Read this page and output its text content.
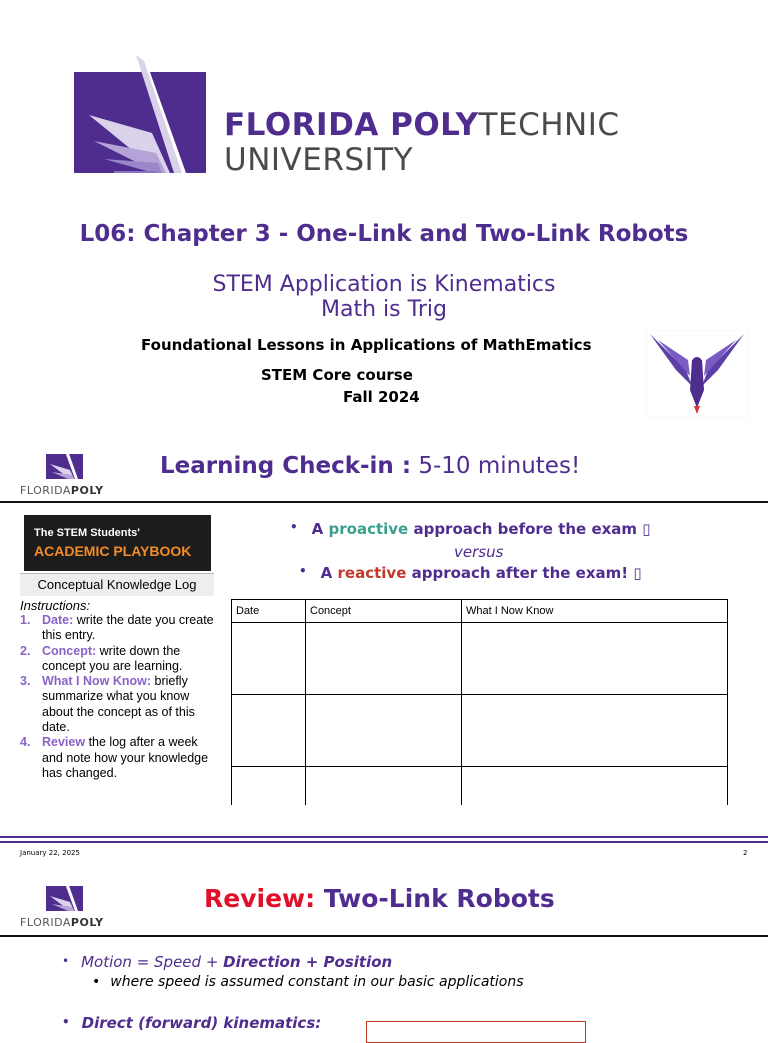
FLORIDA POLYTECHNIC
UNIVERSITY
L06: Chapter 3 - One-Link and Two-Link Robots
STEM Application is Kinematics
Math is Trig
Foundational Lessons in Applications of MathEmatics
STEM Core course
Fall 2024
FLORIDAPOLY
Learning Check-in : 5-10 minutes!
The STEM Students'
ACADEMIC PLAYBOOK
Conceptual Knowledge Log
Instructions:
1. Date: write the date you create this entry.
2. Concept: write down the concept you are learning.
3. What I Now Know: briefly summarize what you know about the concept as of this date.
4. Review the log after a week and note how your knowledge has changed.
• A proactive approach before the exam ▯
versus
• A reactive approach after the exam! ▯
Date	Concept	What I Now Know

January 22, 2025	2
FLORIDAPOLY
Review: Two-Link Robots
• Motion = Speed + Direction + Position
• where speed is assumed constant in our basic applications
• Direct (forward) kinematics:
